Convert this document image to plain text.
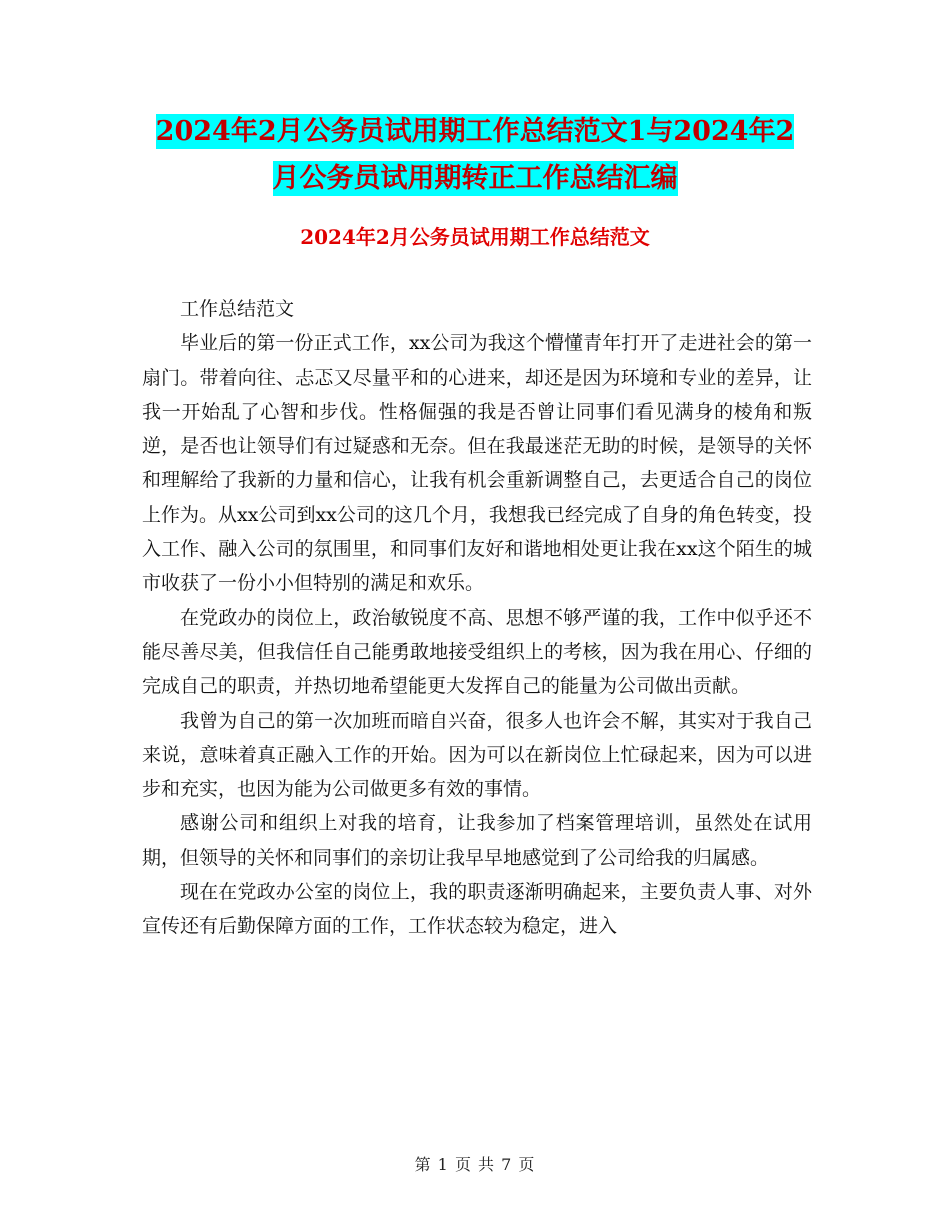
2024年2月公务员试用期工作总结范文1与2024年2
月公务员试用期转正工作总结汇编
2024年2月公务员试用期工作总结范文

工作总结范文

毕业后的第一份正式工作，xx公司为我这个懵懂青年打开了走进社会的第一扇门。带着向往、忐忑又尽量平和的心进来，却还是因为环境和专业的差异，让我一开始乱了心智和步伐。性格倔强的我是否曾让同事们看见满身的棱角和叛逆，是否也让领导们有过疑惑和无奈。但在我最迷茫无助的时候，是领导的关怀和理解给了我新的力量和信心，让我有机会重新调整自己，去更适合自己的岗位上作为。从xx公司到xx公司的这几个月，我想我已经完成了自身的角色转变，投入工作、融入公司的氛围里，和同事们友好和谐地相处更让我在xx这个陌生的城市收获了一份小小但特别的满足和欢乐。

在党政办的岗位上，政治敏锐度不高、思想不够严谨的我，工作中似乎还不能尽善尽美，但我信任自己能勇敢地接受组织上的考核，因为我在用心、仔细的完成自己的职责，并热切地希望能更大发挥自己的能量为公司做出贡献。

我曾为自己的第一次加班而暗自兴奋，很多人也许会不解，其实对于我自己来说，意味着真正融入工作的开始。因为可以在新岗位上忙碌起来，因为可以进步和充实，也因为能为公司做更多有效的事情。

感谢公司和组织上对我的培育，让我参加了档案管理培训，虽然处在试用期，但领导的关怀和同事们的亲切让我早早地感觉到了公司给我的归属感。

现在在党政办公室的岗位上，我的职责逐渐明确起来，主要负责人事、对外宣传还有后勤保障方面的工作，工作状态较为稳定，进入

第 1 页 共 7 页
